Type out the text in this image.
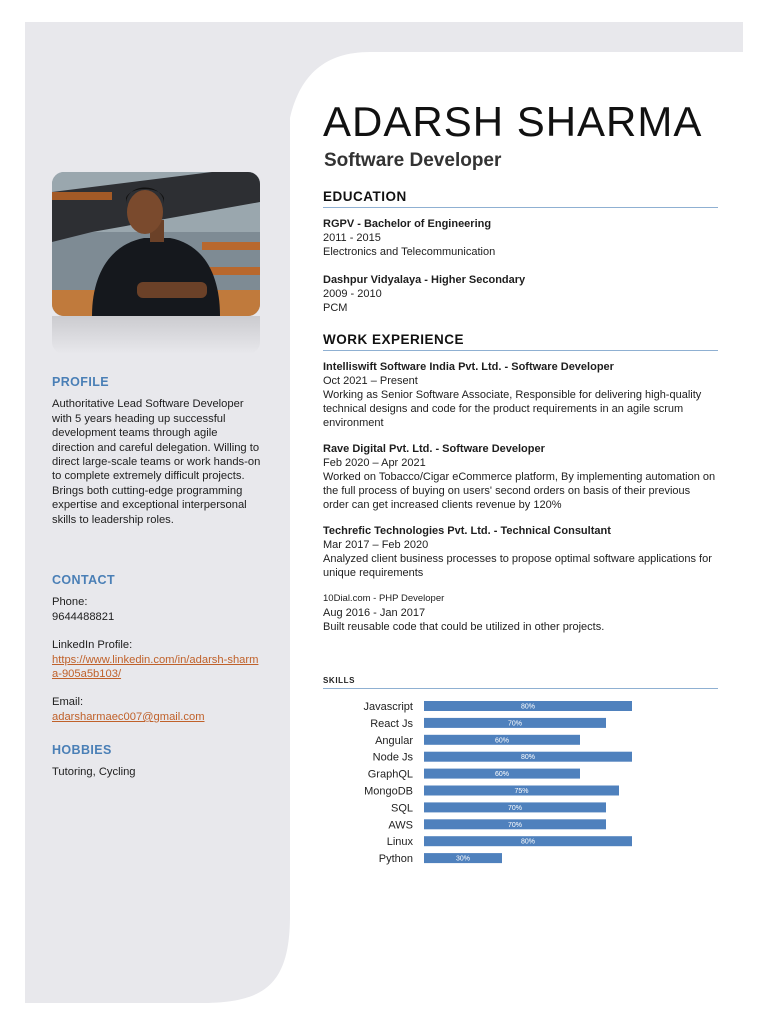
PROFILE

Authoritative Lead Software Developer with 5 years heading up successful development teams through agile direction and careful delegation. Willing to direct large-scale teams or work hands-on to complete extremely difficult projects. Brings both cutting-edge programming expertise and exceptional interpersonal skills to leadership roles.

CONTACT

Phone:

9644488821

LinkedIn Profile:

https://www.linkedin.com/in/adarsh-sharma-905a5b103/

Email:

adarsharmaec007@gmail.com

HOBBIES

Tutoring, Cycling

ADARSH SHARMA
Software Developer
EDUCATION

RGPV - Bachelor of Engineering

2011 - 2015

Electronics and Telecommunication

Dashpur Vidyalaya - Higher Secondary

2009 - 2010

PCM

WORK EXPERIENCE

Intelliswift Software India Pvt. Ltd. - Software Developer

Oct 2021 – Present

Working as Senior Software Associate, Responsible for delivering high-quality technical designs and code for the product requirements in an agile scrum environment

Rave Digital Pvt. Ltd. - Software Developer

Feb 2020 – Apr 2021

Worked on Tobacco/Cigar eCommerce platform, By implementing automation on the full process of buying on users' second orders on basis of their previous order can get increased clients revenue by 120%

Techrefic Technologies Pvt. Ltd. - Technical Consultant

Mar 2017 – Feb 2020

Analyzed client business processes to propose optimal software applications for unique requirements

10Dial.com - PHP Developer

Aug 2016 - Jan 2017

Built reusable code that could be utilized in other projects.

SKILLS
Javascript	80%
React Js	70%
Angular	60%
Node Js	80%
GraphQL	60%
MongoDB	75%
SQL	70%
AWS	70%
Linux	80%
Python	30%
